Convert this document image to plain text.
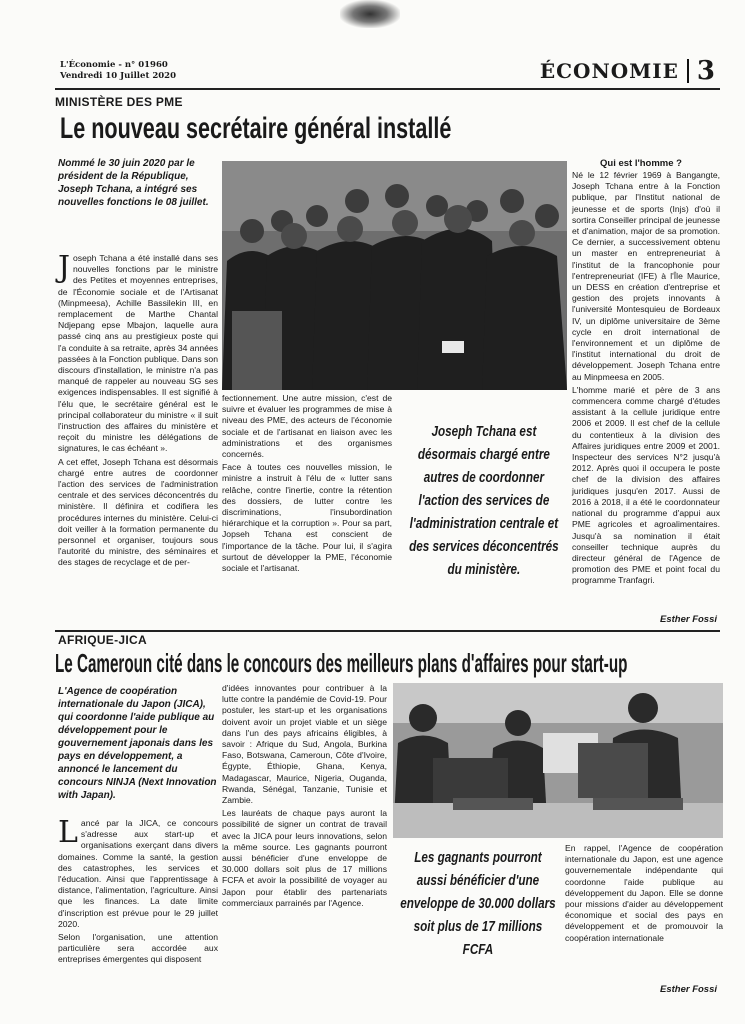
L'Économie - n° 01960
Vendredi 10 Juillet 2020	ÉCONOMIE 3
MINISTÈRE DES PME
Le nouveau secrétaire général installé
Nommé le 30 juin 2020 par le président de la République, Joseph Tchana, a intégré ses nouvelles fonctions le 08 juillet.

Joseph Tchana a été installé dans ses nouvelles fonctions par le ministre des Petites et moyennes entreprises, de l'Économie sociale et de l'Artisanat (Minpmeesa), Achille Bassilekin III, en remplacement de Marthe Chantal Ndjepang epse Mbajon, laquelle aura passé cinq ans au prestigieux poste qui l'a conduite à sa retraite, après 34 années passées à la Fonction publique. Dans son discours d'installation, le ministre n'a pas manqué de rappeler au nouveau SG ses exigences indispensables. Il est signifié à l'élu que, le secrétaire général est le principal collaborateur du ministre « il suit l'instruction des affaires du ministère et reçoit du ministre les délégations de signatures, le cas échéant ».

A cet effet, Joseph Tchana est désormais chargé entre autres de coordonner l'action des services de l'administration centrale et des services déconcentrés du ministère. Il définira et codifiera les procédures internes du ministère. Celui-ci doit veiller à la formation permanente du personnel et organiser, toujours sous l'autorité du ministre, des séminaires et des stages de recyclage et de per-

fectionnement. Une autre mission, c'est de suivre et évaluer les programmes de mise à niveau des PME, des acteurs de l'économie sociale et de l'artisanat en liaison avec les administrations et des organismes concernés.

Face à toutes ces nouvelles mission, le ministre a instruit à l'élu de « lutter sans relâche, contre l'inertie, contre la rétention des dossiers, de lutter contre les discriminations, l'insubordination hiérarchique et la corruption ». Pour sa part, Jopseh Tchana est conscient de l'importance de la tâche. Pour lui, il s'agira surtout de développer la PME, l'économie sociale et l'artisanat.

Joseph Tchana est désormais chargé entre autres de coordonner l'action des services de l'administration centrale et des services déconcentrés du ministère.
Qui est l'homme ?

Né le 12 février 1969 à Bangangte, Joseph Tchana entre à la Fonction publique, par l'Institut national de jeunesse et de sports (Injs) d'où il sortira Conseiller principal de jeunesse et d'animation, major de sa promotion. Ce dernier, a successivement obtenu un master en entrepreneuriat à l'institut de la francophonie pour l'entrepreneuriat (IFE) à l'Île Maurice, un DESS en création d'entreprise et gestion des projets innovants à l'université Montesquieu de Bordeaux IV, un diplôme universitaire de 3ème cycle en droit international de l'environnement et un diplôme de l'institut international du droit de développement. Joseph Tchana entre au Minpmeesa en 2005.

L'homme marié et père de 3 ans commencera comme chargé d'études assistant à la cellule juridique entre 2006 et 2009. Il est chef de la cellule du contentieux à la division des Affaires juridiques entre 2009 et 2001. Inspecteur des services N°2 jusqu'à 2012. Après quoi il occupera le poste chef de la division des affaires juridiques jusqu'en 2017. Aussi de 2016 à 2018, il a été le coordonnateur national du programme d'appui aux PME agricoles et agroalimentaires. Jusqu'à sa nomination il était conseiller technique auprès du directeur général de l'Agence de promotion des PME et point focal du programme Tranfagri.

Esther Fossi
AFRIQUE-JICA
Le Cameroun cité dans le concours des meilleurs plans d'affaires pour start-up
L'Agence de coopération internationale du Japon (JICA), qui coordonne l'aide publique au développement pour le gouvernement japonais dans les pays en développement, a annoncé le lancement du concours NINJA (Next Innovation with Japan).

Lancé par la JICA, ce concours s'adresse aux start-up et organisations exerçant dans divers domaines. Comme la santé, la gestion des catastrophes, les services et l'éducation. Ainsi que l'apprentissage à distance, l'alimentation, l'agriculture. Ainsi que les finances. La date limite d'inscription est prévue pour le 29 juillet 2020.

Selon l'organisation, une attention particulière sera accordée aux entreprises émergentes qui disposent

d'idées innovantes pour contribuer à la lutte contre la pandémie de Covid-19. Pour postuler, les start-up et les organisations doivent avoir un projet viable et un siège dans l'un des pays africains éligibles, à savoir : Afrique du Sud, Angola, Burkina Faso, Botswana, Cameroun, Côte d'Ivoire, Égypte, Éthiopie, Ghana, Kenya, Madagascar, Maurice, Nigeria, Ouganda, Rwanda, Sénégal, Tanzanie, Tunisie et Zambie.

Les lauréats de chaque pays auront la possibilité de signer un contrat de travail avec la JICA pour leurs innovations, selon la même source. Les gagnants pourront aussi bénéficier d'une enveloppe de 30.000 dollars soit plus de 17 millions FCFA et avoir la possibilité de voyager au Japon pour établir des partenariats commerciaux parrainés par l'Agence.

Les gagnants pourront aussi bénéficier d'une enveloppe de 30.000 dollars soit plus de 17 millions FCFA

En rappel, l'Agence de coopération internationale du Japon, est une agence gouvernementale indépendante qui coordonne l'aide publique au développement du Japon. Elle se donne pour missions d'aider au développement économique et social des pays en développement et de promouvoir la coopération internationale

Esther Fossi
